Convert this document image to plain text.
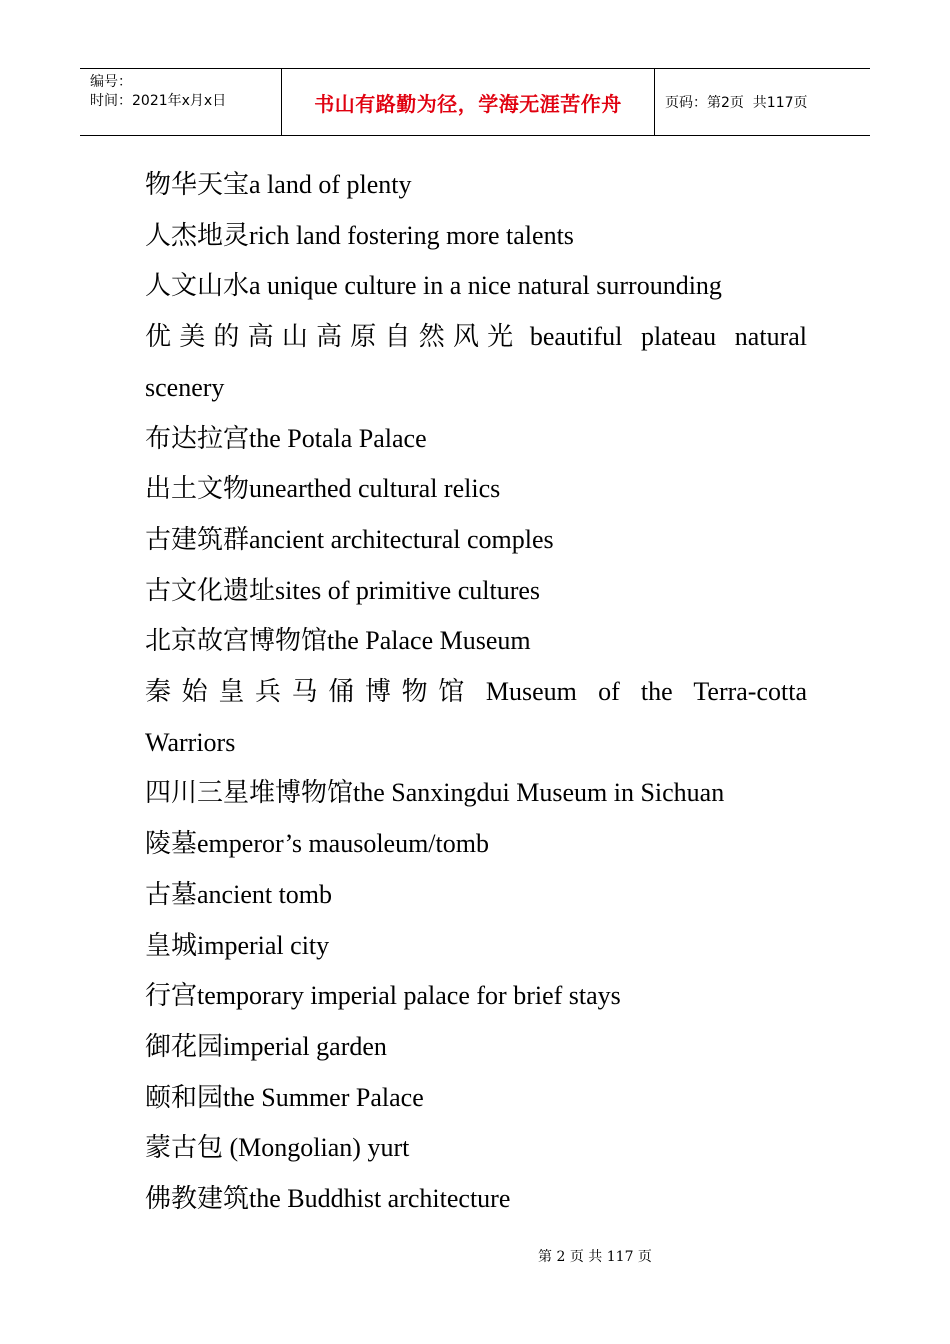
编号：
时间：2021年x月x日	书山有路勤为径，学海无涯苦作舟	页码：第2页  共117页

物华天宝a land of plenty

人杰地灵rich land fostering more talents

人文山水a unique culture in a nice natural surrounding

优美的高山高原自然风光 beautiful plateau natural scenery

布达拉宫the Potala Palace

出土文物unearthed cultural relics

古建筑群ancient architectural comples

古文化遗址sites of primitive cultures

北京故宫博物馆the Palace Museum

秦始皇兵马俑博物馆 Museum of the Terra-cotta Warriors

四川三星堆博物馆the Sanxingdui Museum in Sichuan

陵墓emperor’s mausoleum/tomb

古墓ancient tomb

皇城imperial city

行宫temporary imperial palace for brief stays

御花园imperial garden

颐和园the Summer Palace

蒙古包 (Mongolian) yurt

佛教建筑the Buddhist architecture

第 2 页 共 117 页
